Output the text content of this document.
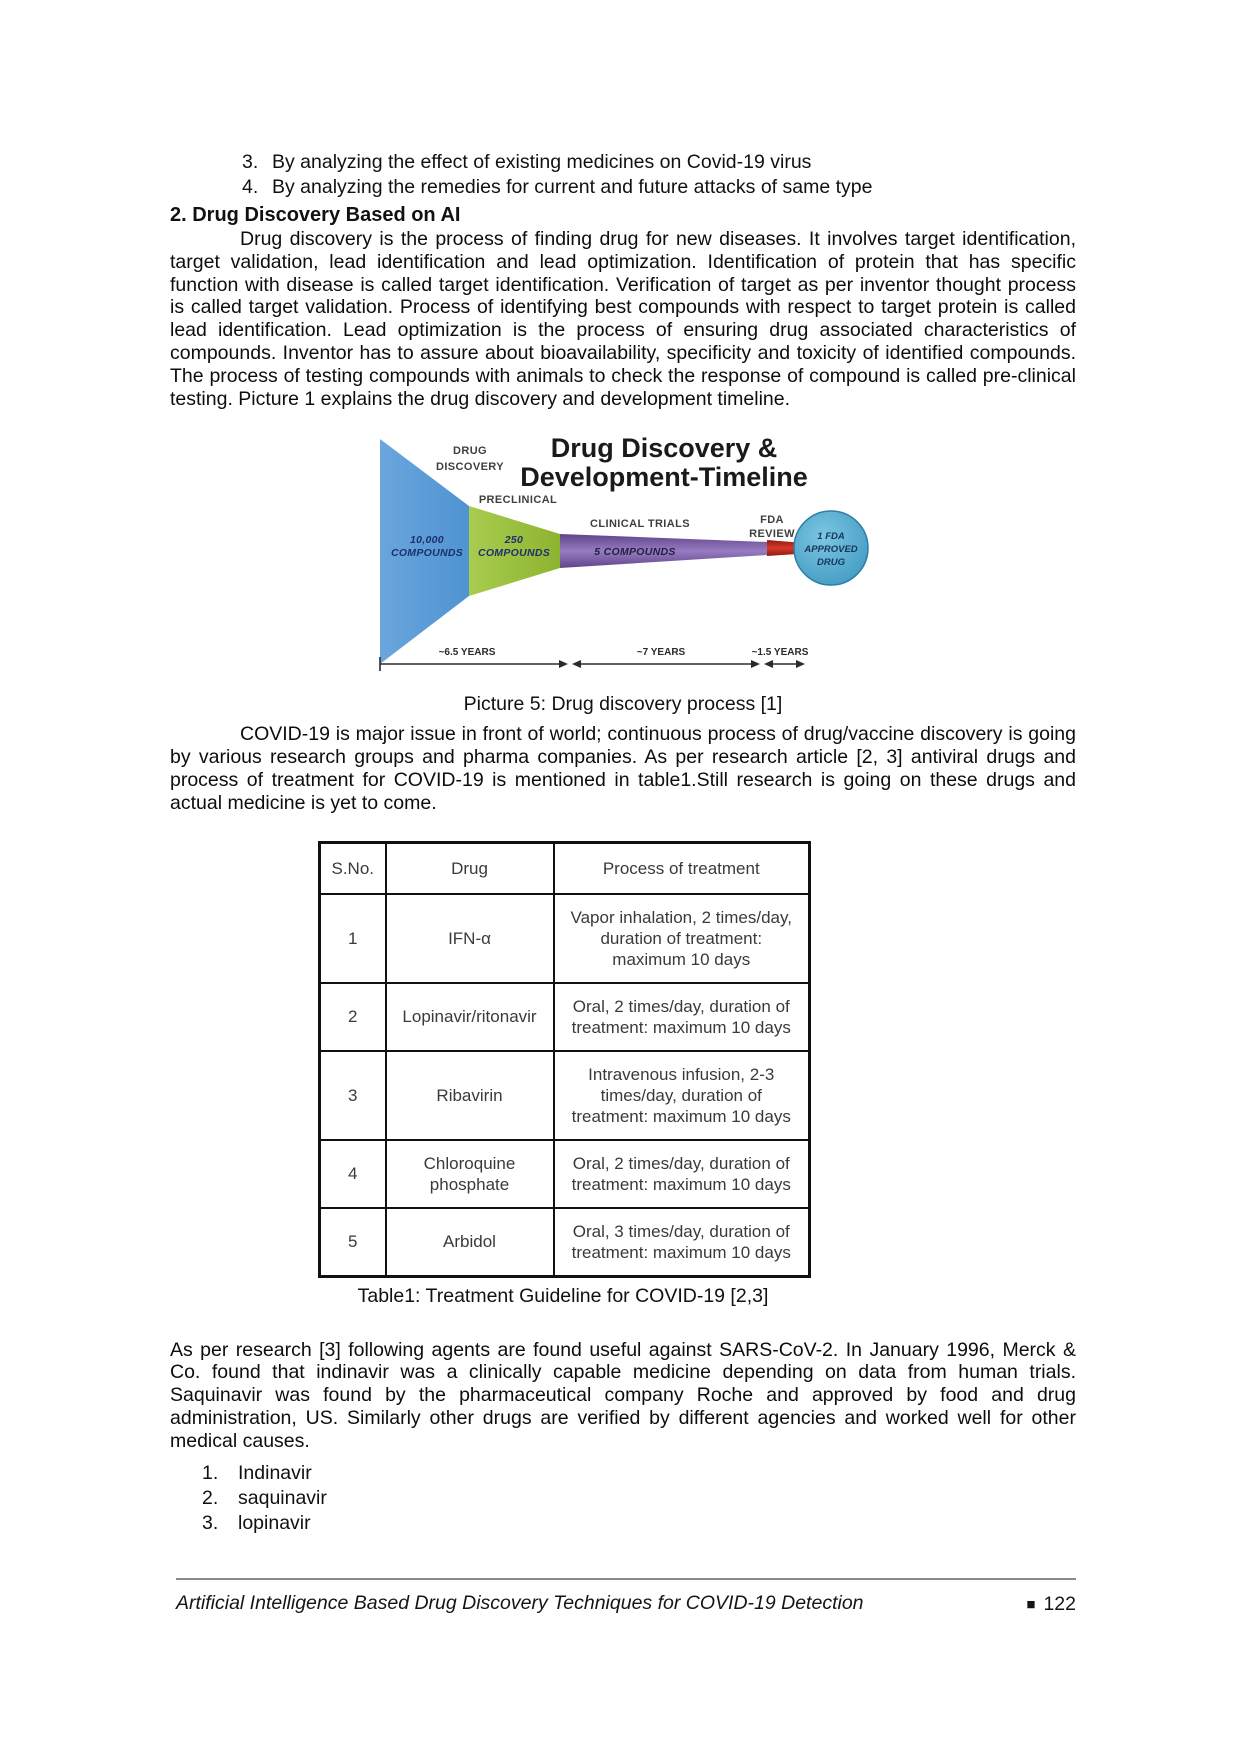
3. By analyzing the effect of existing medicines on Covid-19 virus
4. By analyzing the remedies for current and future attacks of same type
2. Drug Discovery Based on AI

Drug discovery is the process of finding drug for new diseases. It involves target identification, target validation, lead identification and lead optimization. Identification of protein that has specific function with disease is called target identification. Verification of target as per inventor thought process is called target validation. Process of identifying best compounds with respect to target protein is called lead identification. Lead optimization is the process of ensuring drug associated characteristics of compounds. Inventor has to assure about bioavailability, specificity and toxicity of identified compounds. The process of testing compounds with animals to check the response of compound is called pre-clinical testing. Picture 1 explains the drug discovery and development timeline.

Drug Discovery &
Development-Timeline
DRUG
DISCOVERY
PRECLINICAL
CLINICAL TRIALS	FDA
REVIEW
10,000
COMPOUNDS
250
COMPOUNDS	5 COMPOUNDS
1 FDA
APPROVED
DRUG
~6.5 YEARS	~7 YEARS	~1.5 YEARS
Picture 5: Drug discovery process [1]

COVID-19 is major issue in front of world; continuous process of drug/vaccine discovery is going by various research groups and pharma companies. As per research article [2, 3] antiviral drugs and process of treatment for COVID-19 is mentioned in table1.Still research is going on these drugs and actual medicine is yet to come.

S.No.	Drug	Process of treatment
1	IFN-α	Vapor inhalation, 2 times/day, duration of treatment: maximum 10 days
2	Lopinavir/ritonavir	Oral, 2 times/day, duration of treatment: maximum 10 days
3	Ribavirin	Intravenous infusion, 2-3 times/day, duration of treatment: maximum 10 days
4	Chloroquine phosphate	Oral, 2 times/day, duration of treatment: maximum 10 days
5	Arbidol	Oral, 3 times/day, duration of treatment: maximum 10 days
Table1: Treatment Guideline for COVID-19 [2,3]

As per research [3] following agents are found useful against SARS-CoV-2. In January 1996, Merck & Co. found that indinavir was a clinically capable medicine depending on data from human trials. Saquinavir was found by the pharmaceutical company Roche and approved by food and drug administration, US. Similarly other drugs are verified by different agencies and worked well for other medical causes.

1.	Indinavir
2.	saquinavir
3.	lopinavir
Artificial Intelligence Based Drug Discovery Techniques for COVID-19 Detection	■ 122
